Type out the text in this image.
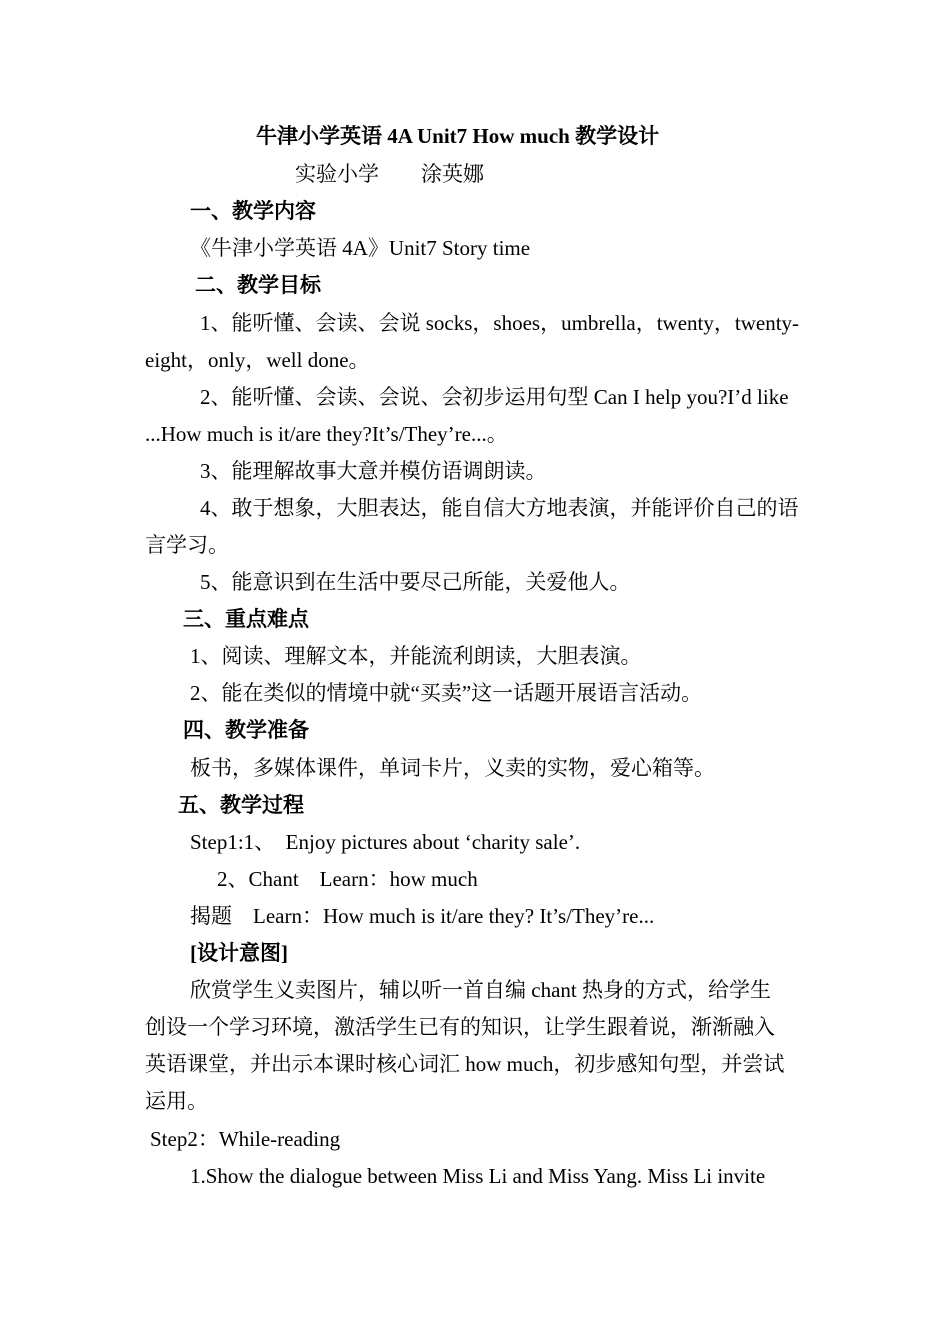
牛津小学英语 4A Unit7 How much 教学设计
实验小学　　涂英娜
一、教学内容
《牛津小学英语 4A》Unit7 Story time
二、教学目标
1、能听懂、会读、会说 socks，shoes，umbrella，twenty，twenty-
eight，only，well done。
2、能听懂、会读、会说、会初步运用句型 Can I help you?I’d like
...How much is it/are they?It’s/They’re...。
3、能理解故事大意并模仿语调朗读。
4、敢于想象，大胆表达，能自信大方地表演，并能评价自己的语
言学习。
5、能意识到在生活中要尽己所能，关爱他人。
三、重点难点
1、阅读、理解文本，并能流利朗读，大胆表演。
2、能在类似的情境中就“买卖”这一话题开展语言活动。
四、教学准备
板书，多媒体课件，单词卡片，义卖的实物，爱心箱等。
五、教学过程
Step1:1、　Enjoy pictures about ‘charity sale’.
2、Chant　Learn：how much
揭题　Learn：How much is it/are they? It’s/They’re...
[设计意图]
欣赏学生义卖图片，辅以听一首自编 chant 热身的方式，给学生
创设一个学习环境，激活学生已有的知识，让学生跟着说，渐渐融入
英语课堂，并出示本课时核心词汇 how much，初步感知句型，并尝试
运用。
Step2：While-reading
1.Show the dialogue between Miss Li and Miss Yang. Miss Li invite
